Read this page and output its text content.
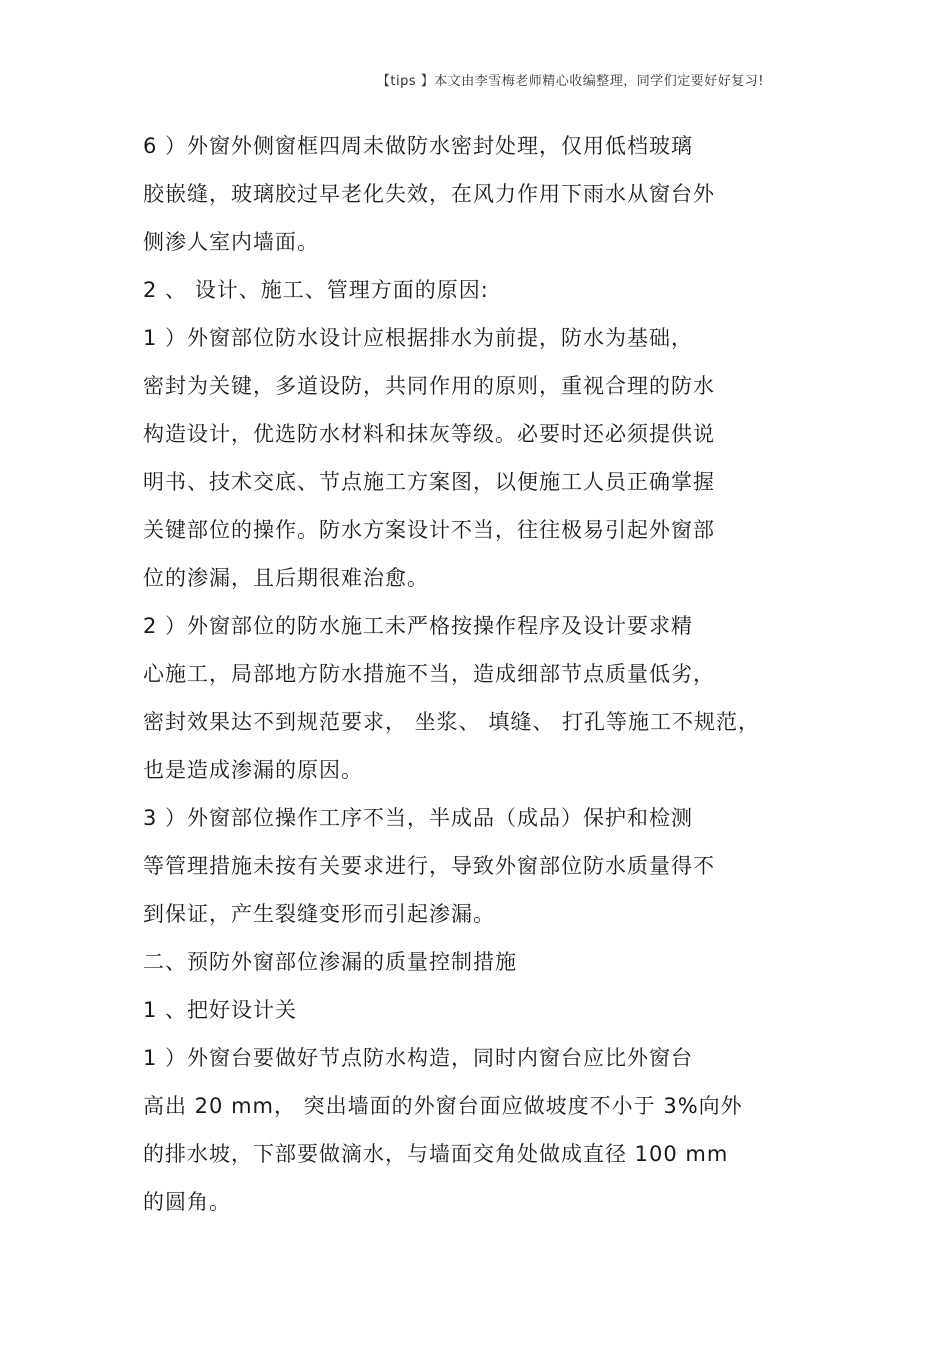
【tips 】本文由李雪梅老师精心收编整理，同学们定要好好复习!
6 ）外窗外侧窗框四周未做防水密封处理，仅用低档玻璃
胶嵌缝，玻璃胶过早老化失效，在风力作用下雨水从窗台外
侧渗人室内墙面。
2 、 设计、施工、管理方面的原因:
1 ）外窗部位防水设计应根据排水为前提，防水为基础，
密封为关键，多道设防，共同作用的原则，重视合理的防水
构造设计，优选防水材料和抹灰等级。必要时还必须提供说
明书、技术交底、节点施工方案图，以便施工人员正确掌握
关键部位的操作。防水方案设计不当，往往极易引起外窗部
位的渗漏，且后期很难治愈。
2 ）外窗部位的防水施工未严格按操作程序及设计要求精
心施工，局部地方防水措施不当，造成细部节点质量低劣，
密封效果达不到规范要求， 坐浆、 填缝、 打孔等施工不规范，
也是造成渗漏的原因。
3 ）外窗部位操作工序不当，半成品（成品）保护和检测
等管理措施未按有关要求进行，导致外窗部位防水质量得不
到保证，产生裂缝变形而引起渗漏。
二、预防外窗部位渗漏的质量控制措施
1 、把好设计关
1 ）外窗台要做好节点防水构造，同时内窗台应比外窗台
高出 20 mm， 突出墙面的外窗台面应做坡度不小于 3%向外
的排水坡，下部要做滴水，与墙面交角处做成直径 100 mm
的圆角。
